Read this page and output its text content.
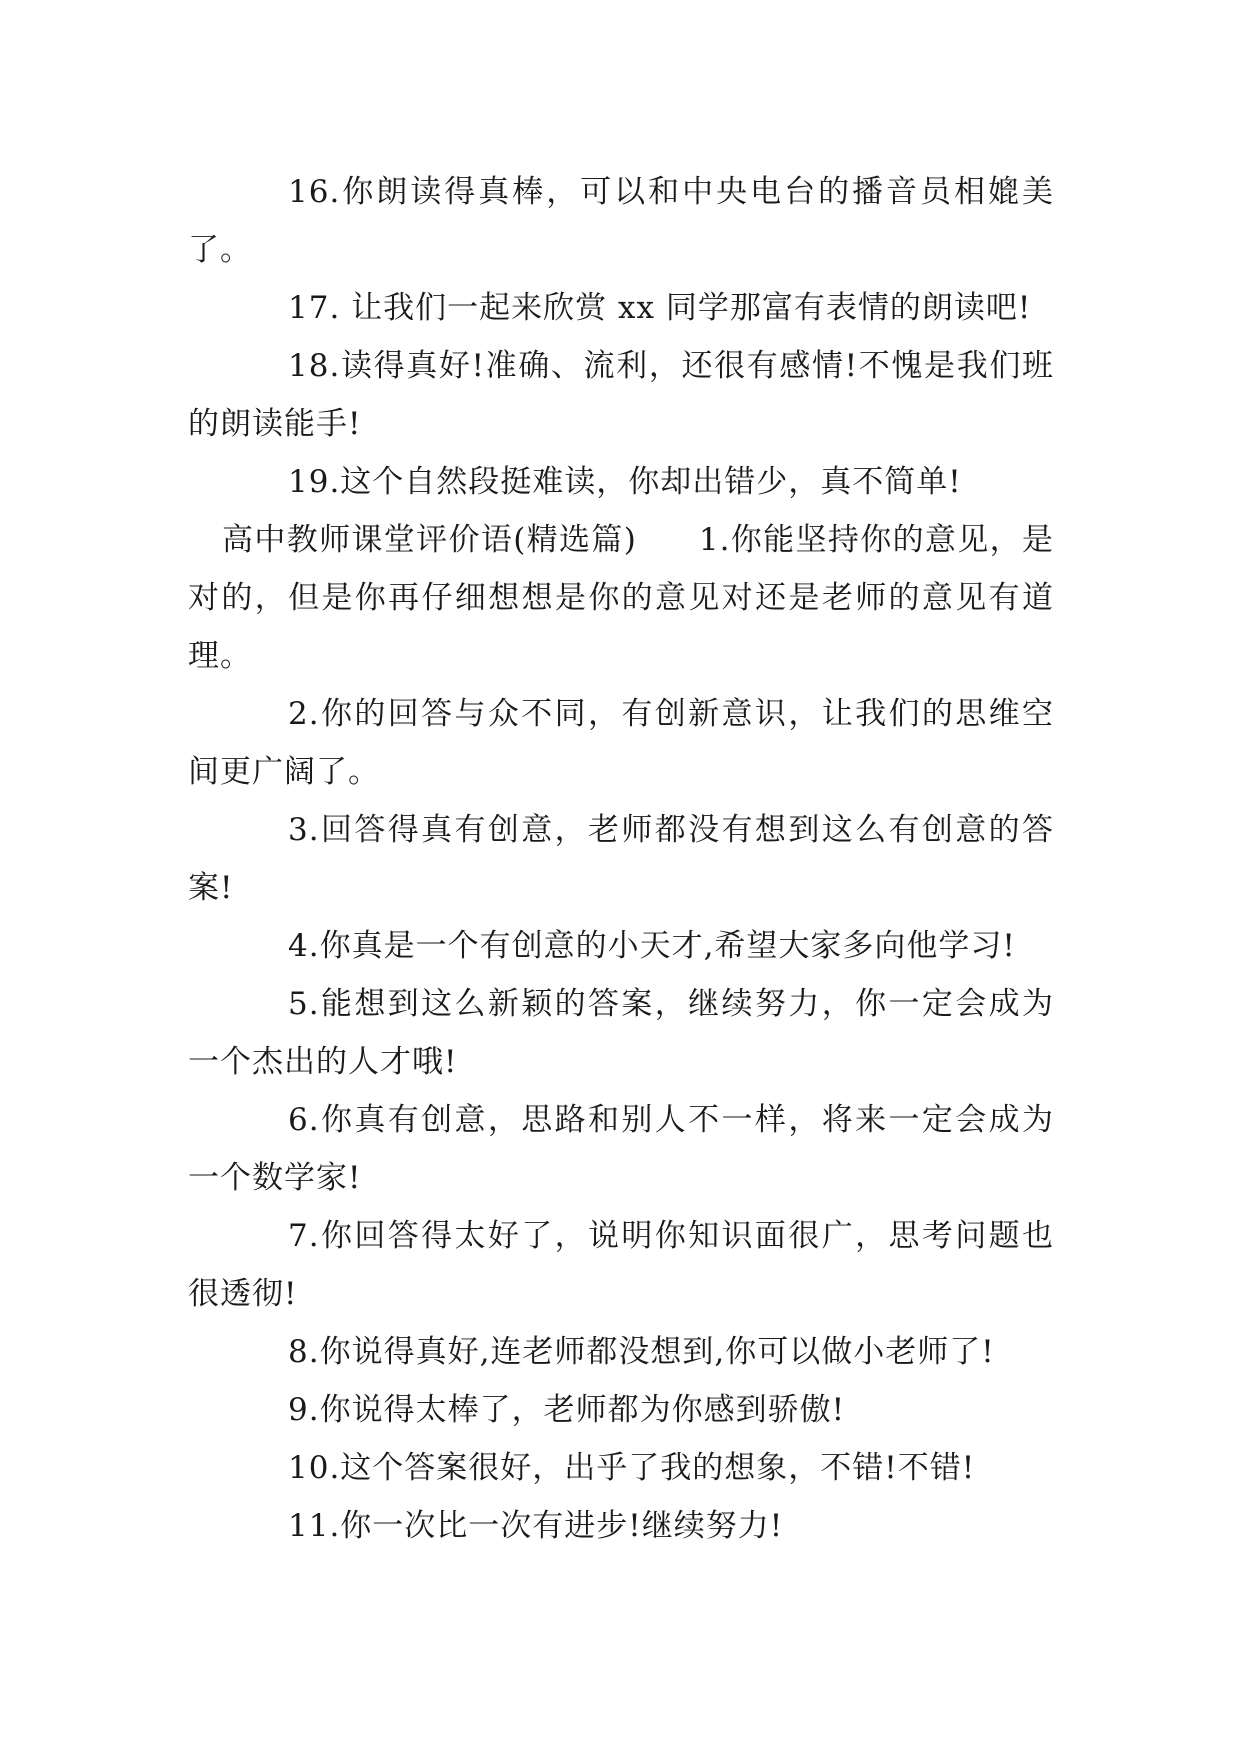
16.你朗读得真棒，可以和中央电台的播音员相媲美了。

17. 让我们一起来欣赏 xx 同学那富有表情的朗读吧!

18.读得真好!准确、流利，还很有感情!不愧是我们班的朗读能手!

19.这个自然段挺难读，你却出错少，真不简单!

高中教师课堂评价语(精选篇) 1.你能坚持你的意见，是对的，但是你再仔细想想是你的意见对还是老师的意见有道理。

2.你的回答与众不同，有创新意识，让我们的思维空间更广阔了。

3.回答得真有创意，老师都没有想到这么有创意的答案!

4.你真是一个有创意的小天才,希望大家多向他学习!

5.能想到这么新颖的答案，继续努力，你一定会成为一个杰出的人才哦!

6.你真有创意，思路和别人不一样，将来一定会成为一个数学家!

7.你回答得太好了，说明你知识面很广，思考问题也很透彻!

8.你说得真好,连老师都没想到,你可以做小老师了!

9.你说得太棒了，老师都为你感到骄傲!

10.这个答案很好，出乎了我的想象，不错!不错!

11.你一次比一次有进步!继续努力!
